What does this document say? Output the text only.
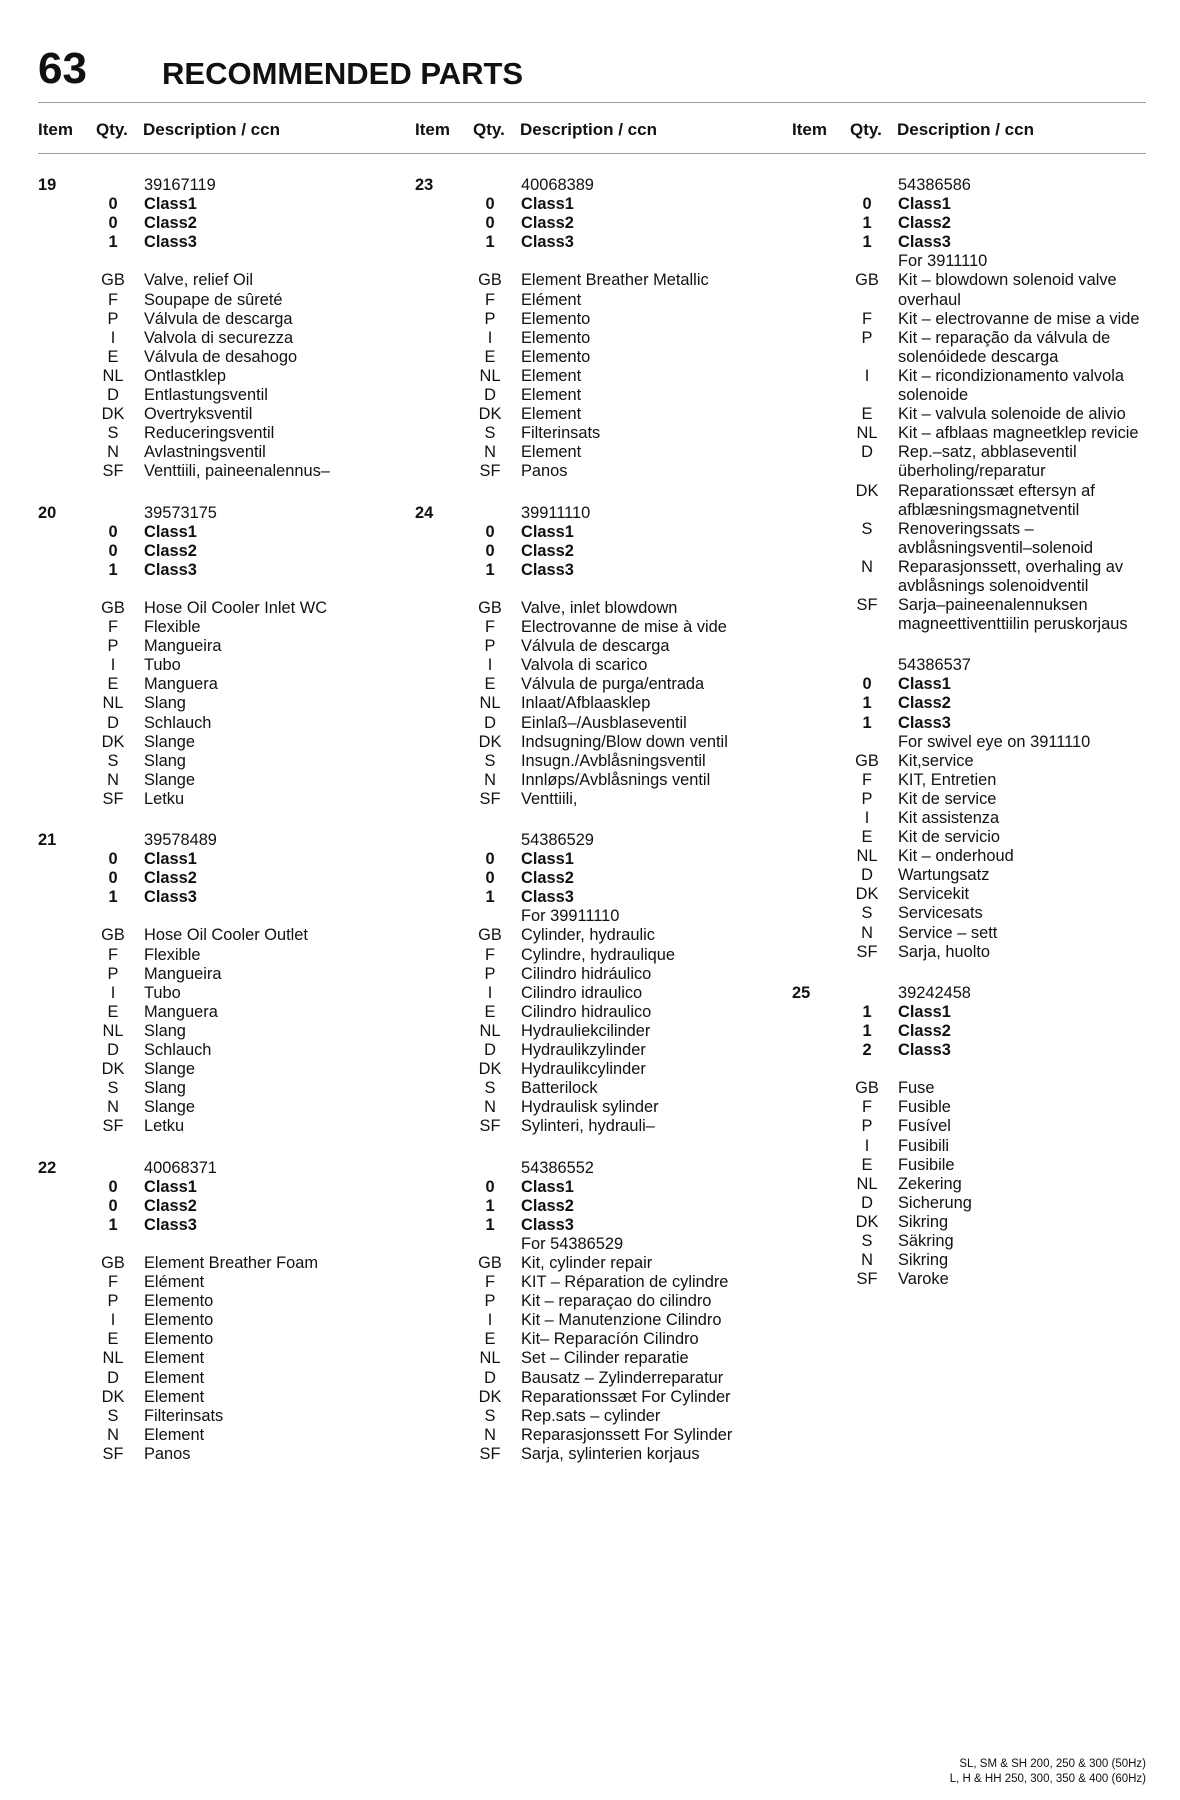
63 RECOMMENDED PARTS
Item Qty. Description / ccn	Item Qty. Description / ccn	Item Qty. Description / ccn
19	39167119
0	Class1
0	Class2
1	Class3
GB	Valve, relief Oil
F	Soupape de sûreté
P	Válvula de descarga
I	Valvola di securezza
E	Válvula de desahogo
NL	Ontlastklep
D	Entlastungsventil
DK	Overtryksventil
S	Reduceringsventil
N	Avlastningsventil
SF	Venttiili, paineenalennus–
20	39573175
0	Class1
0	Class2
1	Class3
GB	Hose Oil Cooler Inlet WC
F	Flexible
P	Mangueira
I	Tubo
E	Manguera
NL	Slang
D	Schlauch
DK	Slange
S	Slang
N	Slange
SF	Letku
21	39578489
0	Class1
0	Class2
1	Class3
GB	Hose Oil Cooler Outlet
F	Flexible
P	Mangueira
I	Tubo
E	Manguera
NL	Slang
D	Schlauch
DK	Slange
S	Slang
N	Slange
SF	Letku
22	40068371
0	Class1
0	Class2
1	Class3
GB	Element Breather Foam
F	Elément
P	Elemento
I	Elemento
E	Elemento
NL	Element
D	Element
DK	Element
S	Filterinsats
N	Element
SF	Panos
23	40068389
0	Class1
0	Class2
1	Class3
GB	Element Breather Metallic
F	Elément
P	Elemento
I	Elemento
E	Elemento
NL	Element
D	Element
DK	Element
S	Filterinsats
N	Element
SF	Panos
24	39911110
0	Class1
0	Class2
1	Class3
GB	Valve, inlet blowdown
F	Electrovanne de mise à vide
P	Válvula de descarga
I	Valvola di scarico
E	Válvula de purga/entrada
NL	Inlaat/Afblaasklep
D	Einlaß–/Ausblaseventil
DK	Indsugning/Blow down ventil
S	Insugn./Avblåsningsventil
N	Innløps/Avblåsnings ventil
SF	Venttiili,
54386529
0	Class1
0	Class2
1	Class3
For 39911110
GB	Cylinder, hydraulic
F	Cylindre, hydraulique
P	Cilindro hidráulico
I	Cilindro idraulico
E	Cilindro hidraulico
NL	Hydrauliekcilinder
D	Hydraulikzylinder
DK	Hydraulikcylinder
S	Batterilock
N	Hydraulisk sylinder
SF	Sylinteri, hydrauli–
54386552
0	Class1
1	Class2
1	Class3
For 54386529
GB	Kit, cylinder repair
F	KIT – Réparation de cylindre
P	Kit – reparaçao do cilindro
I	Kit – Manutenzione Cilindro
E	Kit– Reparacíón Cilindro
NL	Set – Cilinder reparatie
D	Bausatz – Zylinderreparatur
DK	Reparationssæt For Cylinder
S	Rep.sats – cylinder
N	Reparasjonssett For Sylinder
SF	Sarja, sylinterien korjaus
54386586
0	Class1
1	Class2
1	Class3
For 3911110
GB	Kit – blowdown solenoid valve overhaul
F	Kit – electrovanne de mise a vide
P	Kit – reparação da válvula de solenóidede descarga
I	Kit – ricondizionamento valvola solenoide
E	Kit – valvula solenoide de alivio
NL	Kit – afblaas magneetklep revicie
D	Rep.–satz, abblaseventil überholing/reparatur
DK	Reparationssæt eftersyn af afblæsningsmagnetventil
S	Renoveringssats – avblåsningsventil–solenoid
N	Reparasjonssett, overhaling av avblåsnings solenoidventil
SF	Sarja–paineenalennuksen magneettiventtiilin peruskorjaus
54386537
0	Class1
1	Class2
1	Class3
For swivel eye on 3911110
GB	Kit,service
F	KIT, Entretien
P	Kit de service
I	Kit assistenza
E	Kit de servicio
NL	Kit – onderhoud
D	Wartungsatz
DK	Servicekit
S	Servicesats
N	Service – sett
SF	Sarja, huolto
25	39242458
1	Class1
1	Class2
2	Class3
GB	Fuse
F	Fusible
P	Fusível
I	Fusibili
E	Fusibile
NL	Zekering
D	Sicherung
DK	Sikring
S	Säkring
N	Sikring
SF	Varoke
SL, SM & SH 200, 250 & 300 (50Hz)
L, H & HH 250, 300, 350 & 400 (60Hz)
